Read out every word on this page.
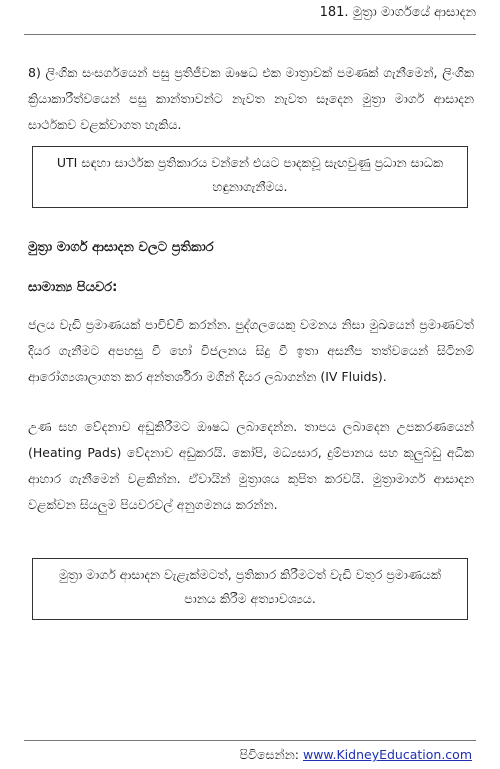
181. මුත්‍රා මාර්ගයේ ආසාදන
8) ලිංගික සංසර්ගයෙන් පසු ප්‍රතිජීවක ඖෂධ එක මාත්‍රාවක් පමණක් ගැනීමෙන්, ලිංගික ක්‍රියාකාරීත්වයෙන් පසු කාන්තාවන්ට නැවත නැවත සෑදෙන මුත්‍රා මාර්ග ආසාදන සාර්ථකව වළක්වාගත හැකිය.
UTI සඳහා සාර්ථක ප්‍රතිකාරය වන්නේ එයට පාදකවූ සැඟවුණු ප්‍රධාන සාධක හඳුනාගැනීමය.
මුත්‍රා මාර්ග ආසාදන වලට ප්‍රතිකාර
සාමාන්‍ය පියවර:
ජලය වැඩි ප්‍රමාණයක් පාවිච්චි කරන්න. පුද්ගලයෙකු වමනය නිසා මුඛයෙන් ප්‍රමාණවත් දියර ගැනීමට අපහසු වී හෝ විජලනය සිදු වී ඉතා අසනීප තත්වයෙන් සිටිනම් ආරෝග්‍යශාලාගත කර අන්තර්ශිරා මගින් දියර ලබාගන්න (IV Fluids).
උණ සහ වේදනාව අඩුකිරීමට ඖෂධ ලබාදෙන්න. තාපය ලබාදෙන උපකරණයෙන් (Heating Pads) වේදනාව අඩුකරයි. කෝපි, මධ්‍යසාර, දුම්පානය සහ කුලුබඩු අධික ආහාර ගැනීමෙන් වළකින්න. ඒවායින් මුත්‍රාශය කුපිත කරවයි. මුත්‍රාමාර්ග ආසාදන වළක්වන සියලුම පියවරවල් අනුගමනය කරන්න.
මුත්‍රා මාර්ග ආසාදන වැළැක්මටත්, ප්‍රතිකාර කිරීමටත් වැඩි වතුර ප්‍රමාණයක් පානය කිරීම අත්‍යාවශ්‍යය.
පිවිසෙන්න: www.KidneyEducation.com
